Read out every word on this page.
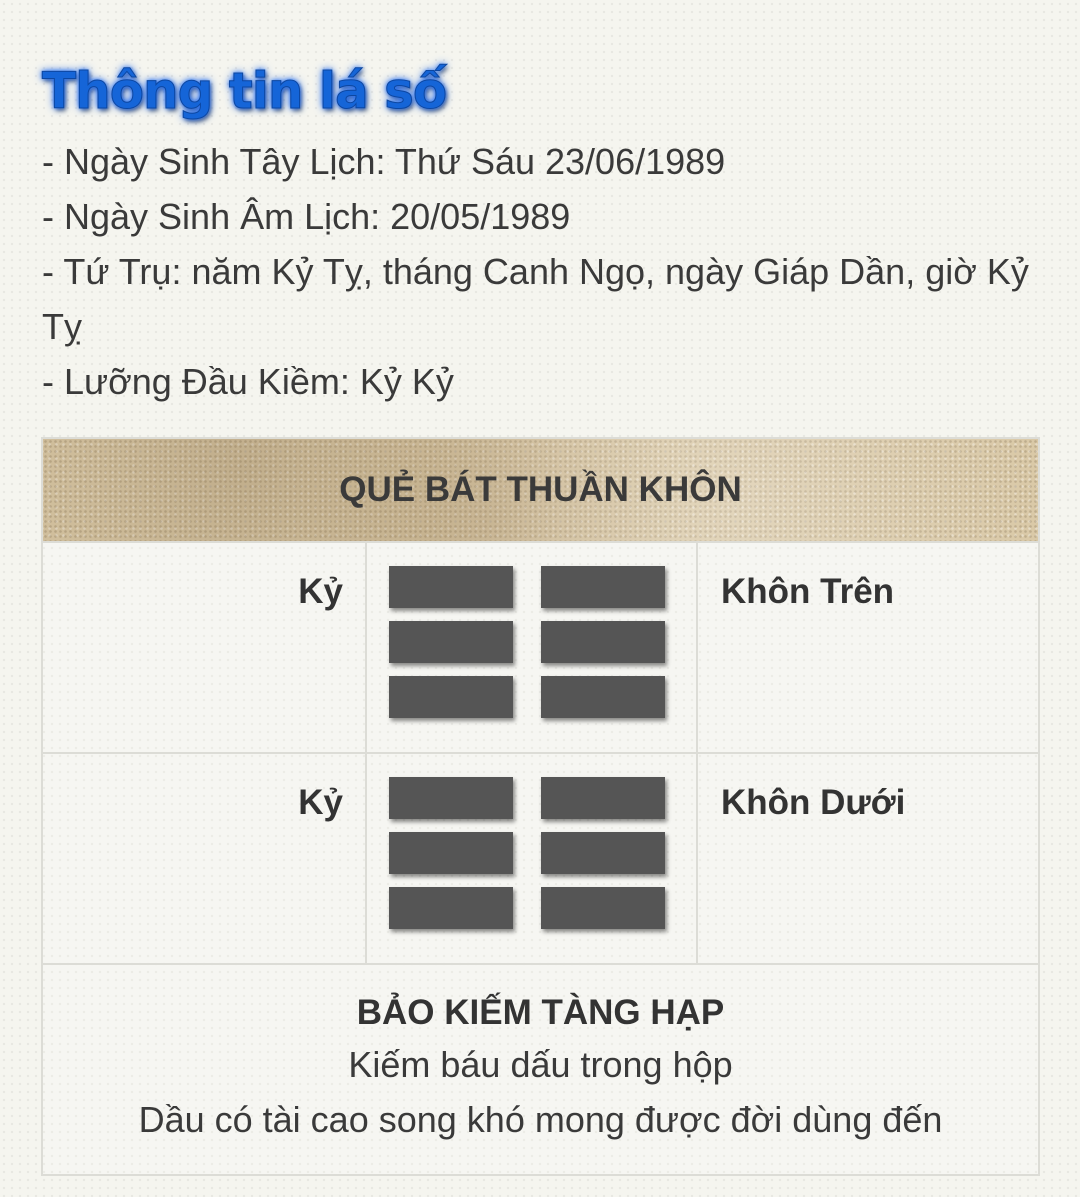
Thông tin lá số
- Ngày Sinh Tây Lịch: Thứ Sáu 23/06/1989
- Ngày Sinh Âm Lịch: 20/05/1989
- Tứ Trụ: năm Kỷ Tỵ, tháng Canh Ngọ, ngày Giáp Dần, giờ Kỷ Tỵ
- Lưỡng Đầu Kiềm: Kỷ Kỷ
QUẺ BÁT THUẦN KHÔN
Kỷ	Khôn Trên
Kỷ	Khôn Dưới
BẢO KIẾM TÀNG HẠP
Kiếm báu dấu trong hộp
Dầu có tài cao song khó mong được đời dùng đến
